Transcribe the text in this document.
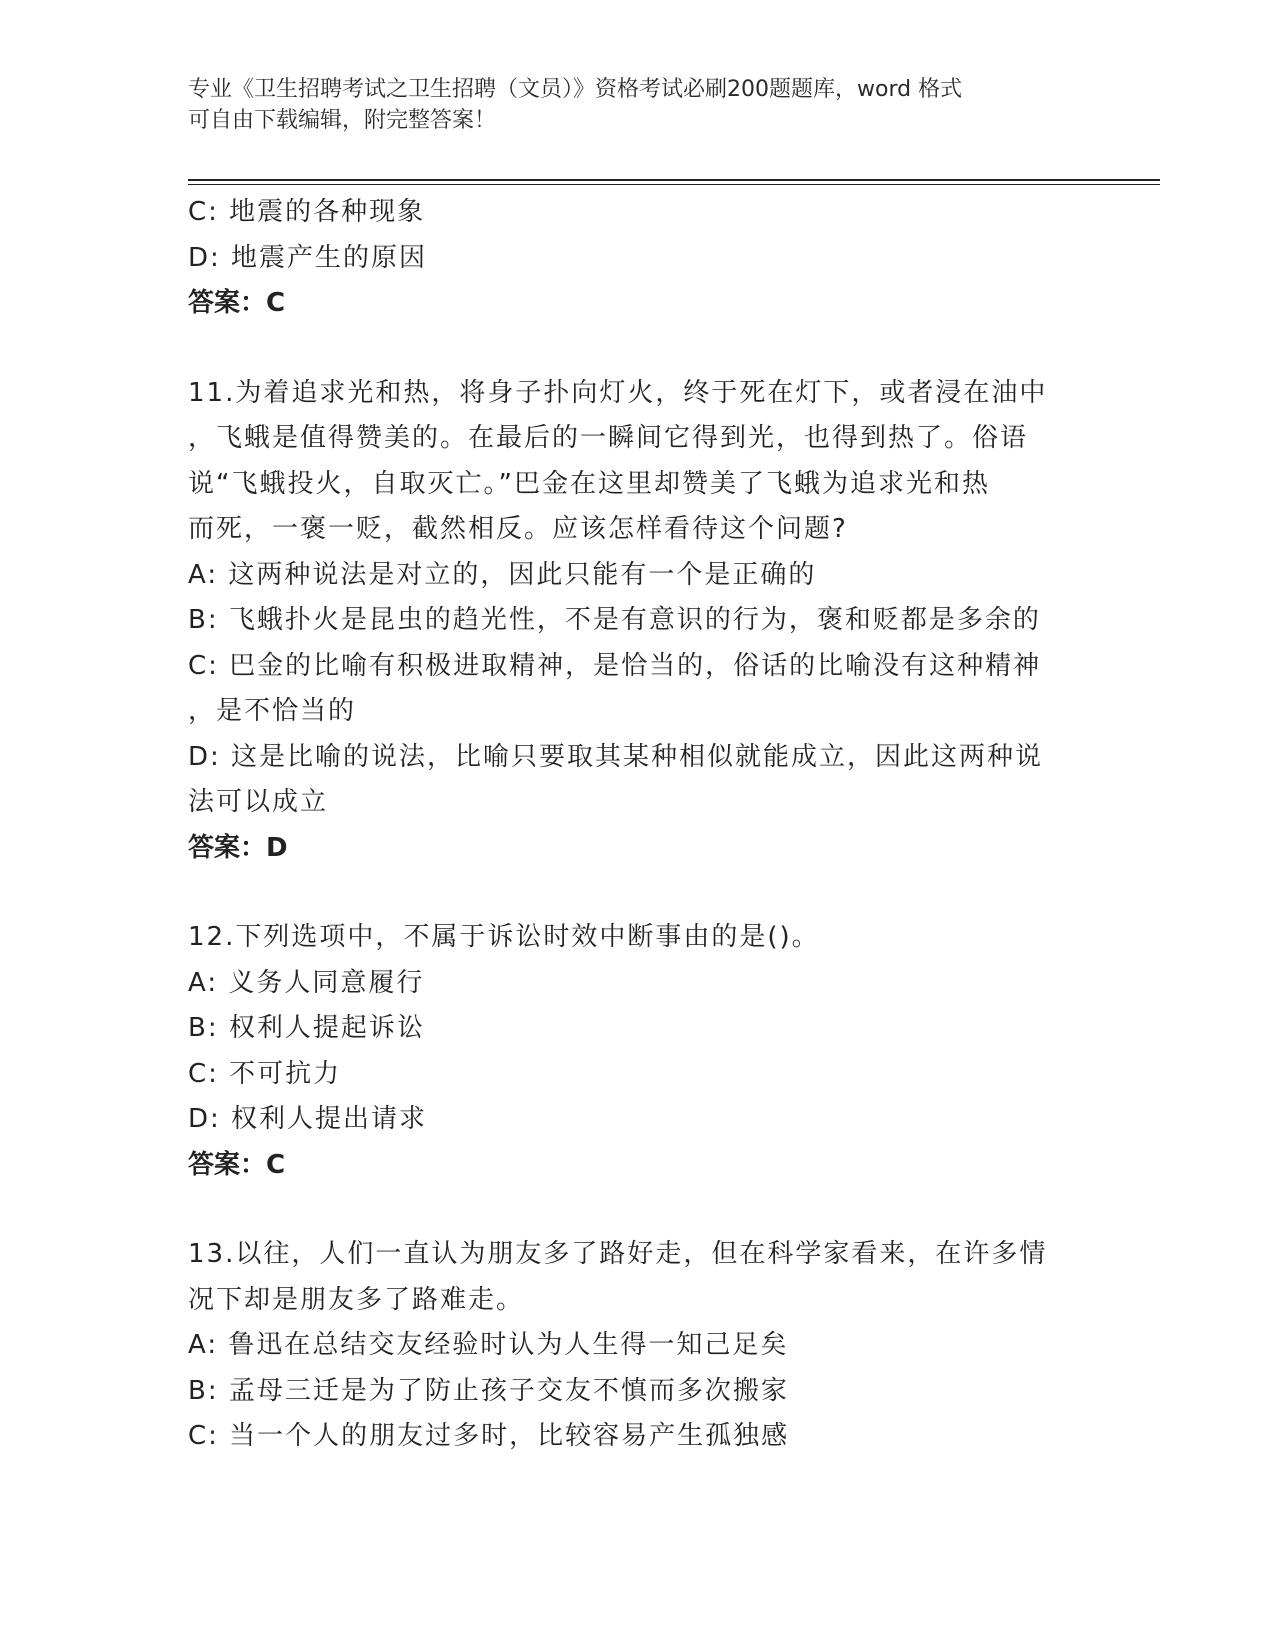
专业《卫生招聘考试之卫生招聘（文员）》资格考试必刷200题题库，word 格式
可自由下载编辑，附完整答案！
C: 地震的各种现象
D: 地震产生的原因
答案：C
11.为着追求光和热，将身子扑向灯火，终于死在灯下，或者浸在油中
，飞蛾是值得赞美的。在最后的一瞬间它得到光，也得到热了。俗语
说“飞蛾投火，自取灭亡。”巴金在这里却赞美了飞蛾为追求光和热
而死，一褒一贬，截然相反。应该怎样看待这个问题?
A: 这两种说法是对立的，因此只能有一个是正确的
B: 飞蛾扑火是昆虫的趋光性，不是有意识的行为，褒和贬都是多余的
C: 巴金的比喻有积极进取精神，是恰当的，俗话的比喻没有这种精神
，是不恰当的
D: 这是比喻的说法，比喻只要取其某种相似就能成立，因此这两种说
法可以成立
答案：D
12.下列选项中，不属于诉讼时效中断事由的是()。
A: 义务人同意履行
B: 权利人提起诉讼
C: 不可抗力
D: 权利人提出请求
答案：C
13.以往，人们一直认为朋友多了路好走，但在科学家看来，在许多情
况下却是朋友多了路难走。
A: 鲁迅在总结交友经验时认为人生得一知己足矣
B: 孟母三迁是为了防止孩子交友不慎而多次搬家
C: 当一个人的朋友过多时，比较容易产生孤独感
